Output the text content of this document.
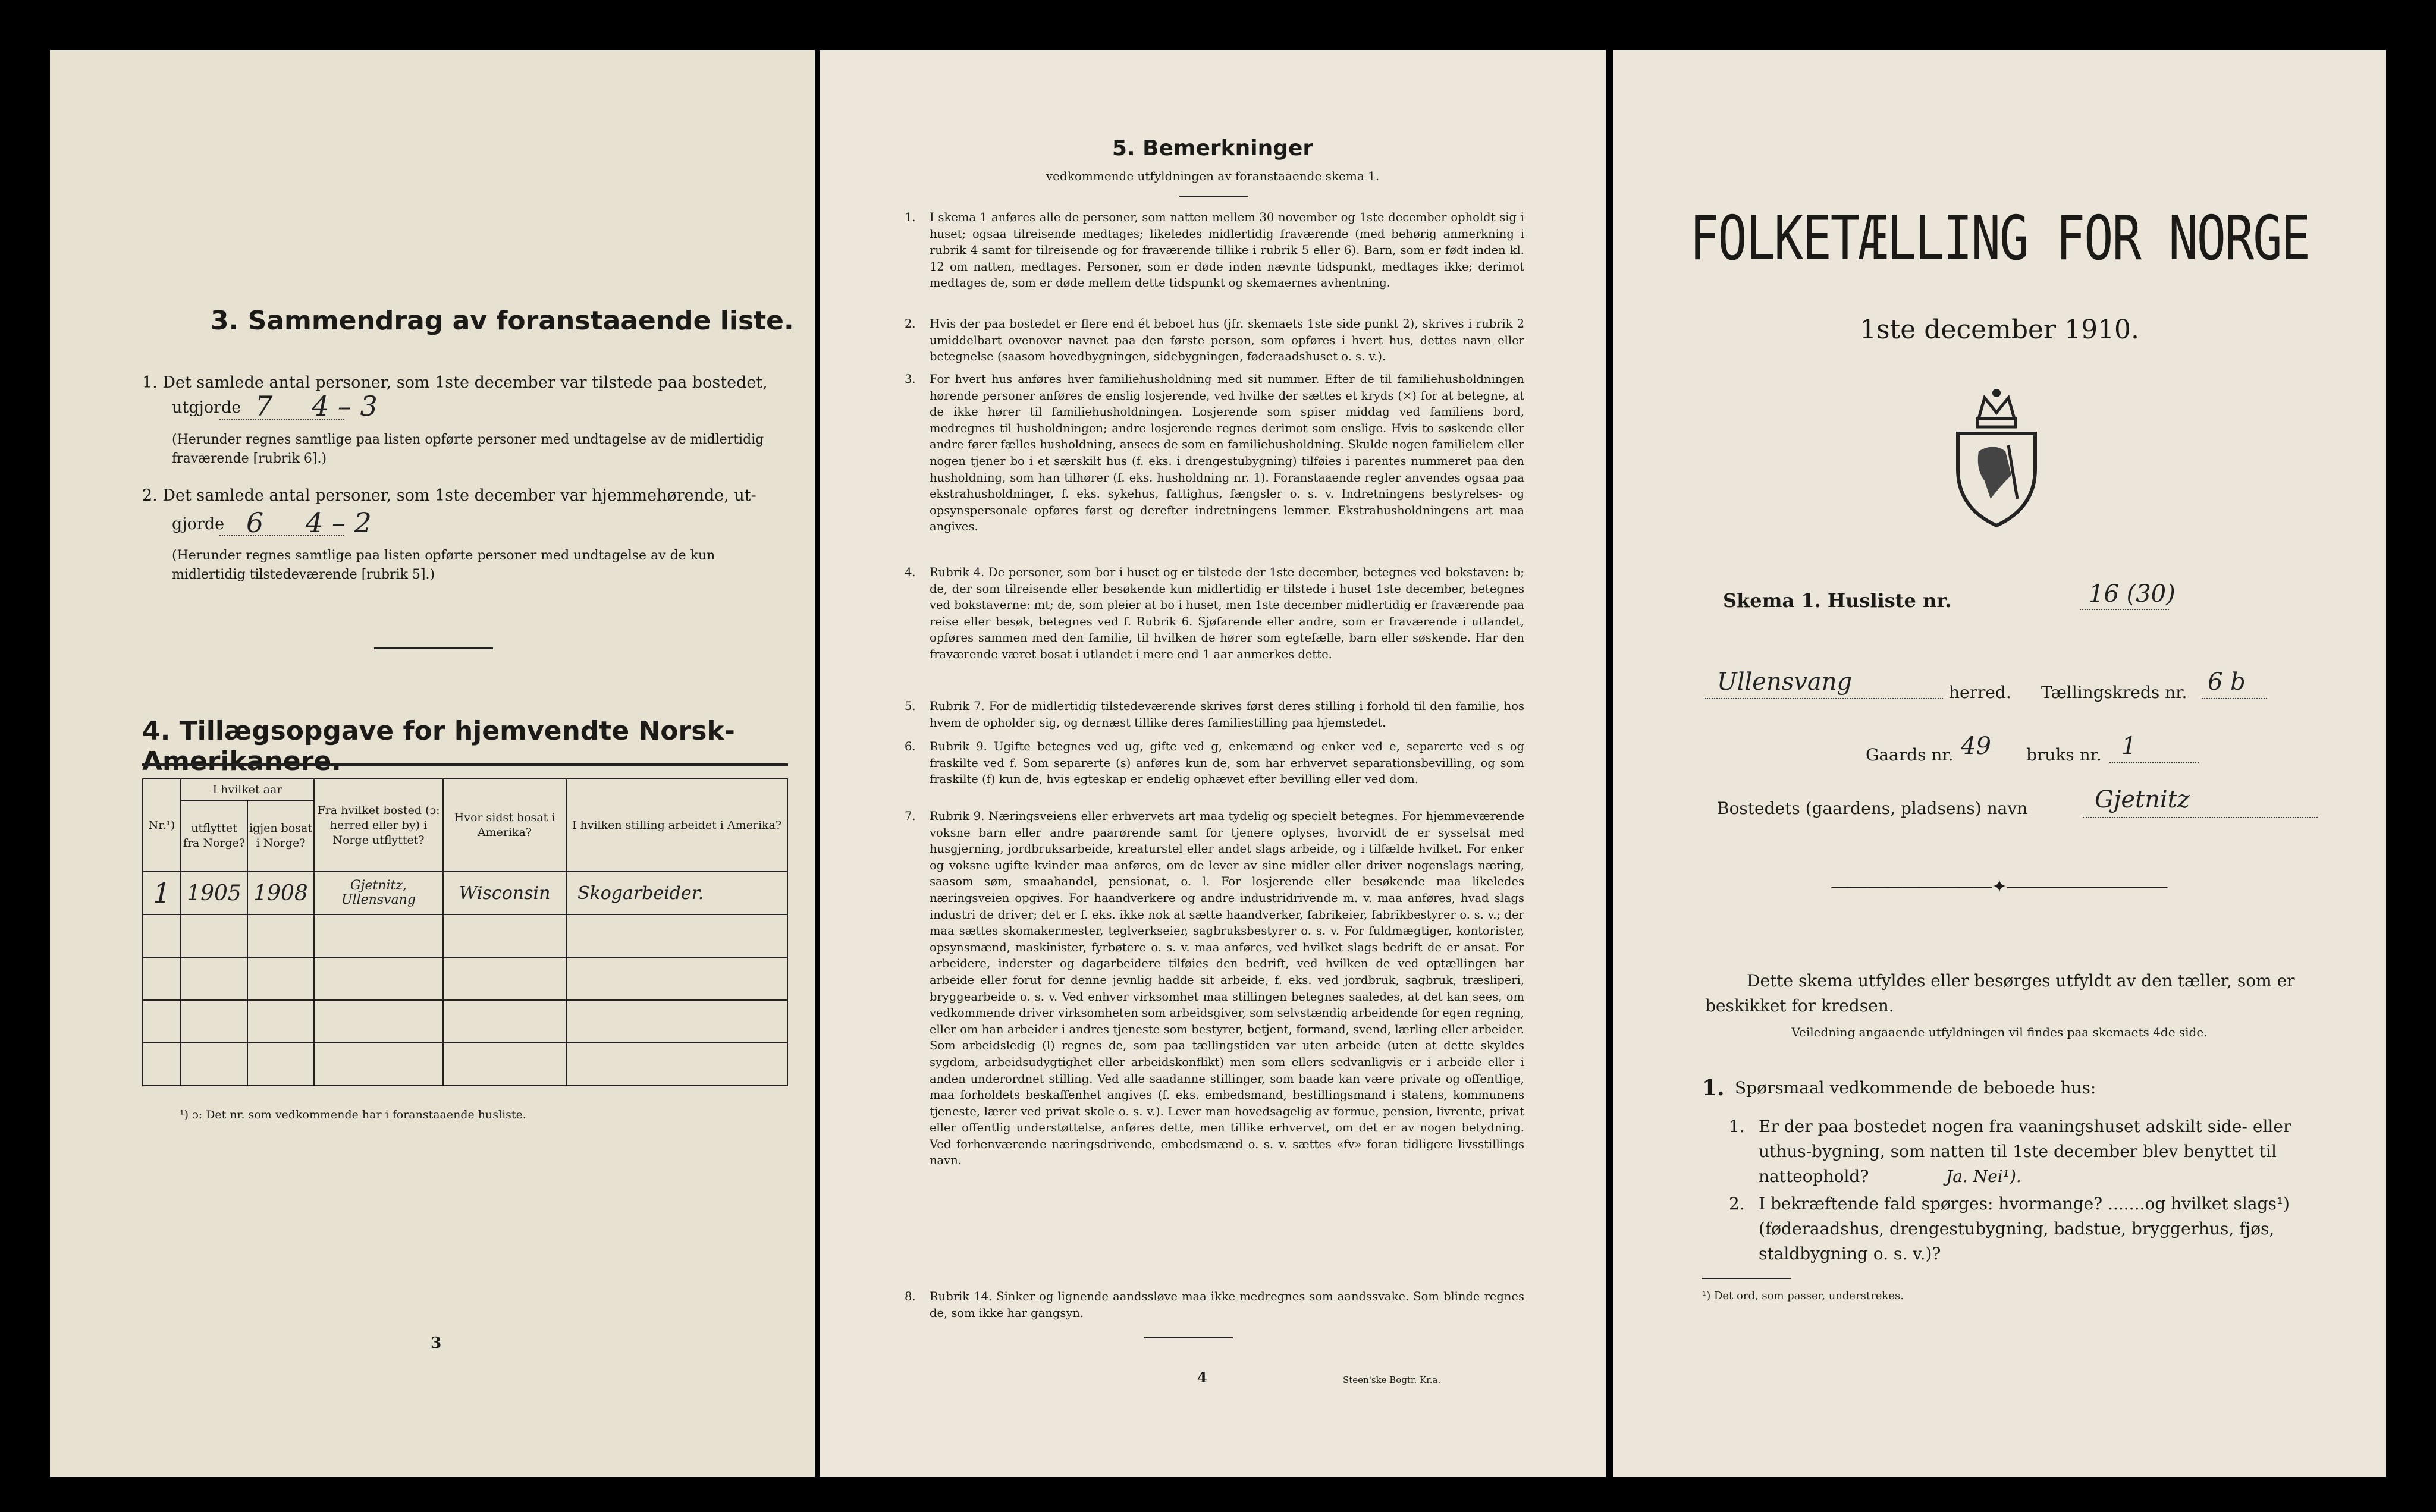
3. Sammendrag av foranstaaende liste.
1. Det samlede antal personer, som 1ste december var tilstede paa bostedet,
utgjorde 7 4 – 3
(Herunder regnes samtlige paa listen opførte personer med undtagelse av de midlertidig fraværende [rubrik 6].)
2. Det samlede antal personer, som 1ste december var hjemmehørende, ut-
gjorde 6 4 – 2
(Herunder regnes samtlige paa listen opførte personer med undtagelse av de kun midlertidig tilstedeværende [rubrik 5].)
4. Tillægsopgave for hjemvendte Norsk-Amerikanere.
Nr.¹)	I hvilket aar		Fra hvilket bosted (ɔ: herred eller by) i Norge utflyttet?	Hvor sidst bosat i Amerika?	I hvilken stilling arbeidet i Amerika?
	utflyttet fra Norge?	igjen bosat i Norge?			
1	1905	1908	Gjetnitz, Ullensvang	Wisconsin	Skogarbeider.

¹) ɔ: Det nr. som vedkommende har i foranstaaende husliste.
3
5. Bemerkninger
vedkommende utfyldningen av foranstaaende skema 1.
1. I skema 1 anføres alle de personer, som natten mellem 30 november og 1ste december opholdt sig i huset; ogsaa tilreisende medtages; likeledes midlertidig fraværende (med behørig anmerkning i rubrik 4 samt for tilreisende og for fraværende tillike i rubrik 5 eller 6). Barn, som er født inden kl. 12 om natten, medtages. Personer, som er døde inden nævnte tidspunkt, medtages ikke; derimot medtages de, som er døde mellem dette tidspunkt og skemaernes avhentning.
2. Hvis der paa bostedet er flere end ét beboet hus (jfr. skemaets 1ste side punkt 2), skrives i rubrik 2 umiddelbart ovenover navnet paa den første person, som opføres i hvert hus, dettes navn eller betegnelse (saasom hovedbygningen, sidebygningen, føderaadshuset o. s. v.).
3. For hvert hus anføres hver familiehusholdning med sit nummer. Efter de til familiehusholdningen hørende personer anføres de enslig losjerende, ved hvilke der sættes et kryds (×) for at betegne, at de ikke hører til familiehusholdningen. Losjerende som spiser middag ved familiens bord, medregnes til husholdningen; andre losjerende regnes derimot som enslige. Hvis to søskende eller andre fører fælles husholdning, ansees de som en familiehusholdning. Skulde nogen familielem eller nogen tjener bo i et særskilt hus (f. eks. i drengestubygning) tilføies i parentes nummeret paa den husholdning, som han tilhører (f. eks. husholdning nr. 1). Foranstaaende regler anvendes ogsaa paa ekstrahusholdninger, f. eks. sykehus, fattighus, fængsler o. s. v. Indretningens bestyrelses- og opsynspersonale opføres først og derefter indretningens lemmer. Ekstrahusholdningens art maa angives.
4. Rubrik 4. De personer, som bor i huset og er tilstede der 1ste december, betegnes ved bokstaven: b; de, der som tilreisende eller besøkende kun midlertidig er tilstede i huset 1ste december, betegnes ved bokstaverne: mt; de, som pleier at bo i huset, men 1ste december midlertidig er fraværende paa reise eller besøk, betegnes ved f. Rubrik 6. Sjøfarende eller andre, som er fraværende i utlandet, opføres sammen med den familie, til hvilken de hører som egtefælle, barn eller søskende. Har den fraværende været bosat i utlandet i mere end 1 aar anmerkes dette.
5. Rubrik 7. For de midlertidig tilstedeværende skrives først deres stilling i forhold til den familie, hos hvem de opholder sig, og dernæst tillike deres familiestilling paa hjemstedet.
6. Rubrik 9. Ugifte betegnes ved ug, gifte ved g, enkemænd og enker ved e, separerte ved s og fraskilte ved f. Som separerte (s) anføres kun de, som har erhvervet separationsbevilling, og som fraskilte (f) kun de, hvis egteskap er endelig ophævet efter bevilling eller ved dom.
7. Rubrik 9. Næringsveiens eller erhvervets art maa tydelig og specielt betegnes. For hjemmeværende voksne barn eller andre paarørende samt for tjenere oplyses, hvorvidt de er sysselsat med husgjerning, jordbruksarbeide, kreaturstel eller andet slags arbeide, og i tilfælde hvilket. For enker og voksne ugifte kvinder maa anføres, om de lever av sine midler eller driver nogenslags næring, saasom søm, smaahandel, pensionat, o. l. For losjerende eller besøkende maa likeledes næringsveien opgives. For haandverkere og andre industridrivende m. v. maa anføres, hvad slags industri de driver; det er f. eks. ikke nok at sætte haandverker, fabrikeier, fabrikbestyrer o. s. v.; der maa sættes skomakermester, teglverkseier, sagbruksbestyrer o. s. v. For fuldmægtiger, kontorister, opsynsmænd, maskinister, fyrbøtere o. s. v. maa anføres, ved hvilket slags bedrift de er ansat. For arbeidere, inderster og dagarbeidere tilføies den bedrift, ved hvilken de ved optællingen har arbeide eller forut for denne jevnlig hadde sit arbeide, f. eks. ved jordbruk, sagbruk, træsliperi, bryggearbeide o. s. v. Ved enhver virksomhet maa stillingen betegnes saaledes, at det kan sees, om vedkommende driver virksomheten som arbeidsgiver, som selvstændig arbeidende for egen regning, eller om han arbeider i andres tjeneste som bestyrer, betjent, formand, svend, lærling eller arbeider. Som arbeidsledig (l) regnes de, som paa tællingstiden var uten arbeide (uten at dette skyldes sygdom, arbeidsudygtighet eller arbeidskonflikt) men som ellers sedvanligvis er i arbeide eller i anden underordnet stilling. Ved alle saadanne stillinger, som baade kan være private og offentlige, maa forholdets beskaffenhet angives (f. eks. embedsmand, bestillingsmand i statens, kommunens tjeneste, lærer ved privat skole o. s. v.). Lever man hovedsagelig av formue, pension, livrente, privat eller offentlig understøttelse, anføres dette, men tillike erhvervet, om det er av nogen betydning. Ved forhenværende næringsdrivende, embedsmænd o. s. v. sættes «fv» foran tidligere livsstillings navn.
8. Rubrik 14. Sinker og lignende aandssløve maa ikke medregnes som aandssvake. Som blinde regnes de, som ikke har gangsyn.
4	Steen'ske Bogtr. Kr.a.
FOLKETÆLLING FOR NORGE
1ste december 1910.
Skema 1. Husliste nr.	16 (30)
Ullensvang	herred. Tællingskreds nr. 6 b
Gaards nr. 49 bruks nr. 1
Bostedets (gaardens, pladsens) navn	Gjetnitz
―――――――――✦―――――――――
Dette skema utfyldes eller besørges utfyldt av den tæller, som er beskikket for kredsen.
Veiledning angaaende utfyldningen vil findes paa skemaets 4de side.
1. Spørsmaal vedkommende de beboede hus:
1. Er der paa bostedet nogen fra vaaningshuset adskilt side- eller uthus-bygning, som natten til 1ste december blev benyttet til natteophold?	Ja. Nei¹).
2. I bekræftende fald spørges: hvormange? .......og hvilket slags¹) (føderaadshus, drengestubygning, badstue, bryggerhus, fjøs, staldbygning o. s. v.)?
¹) Det ord, som passer, understrekes.
